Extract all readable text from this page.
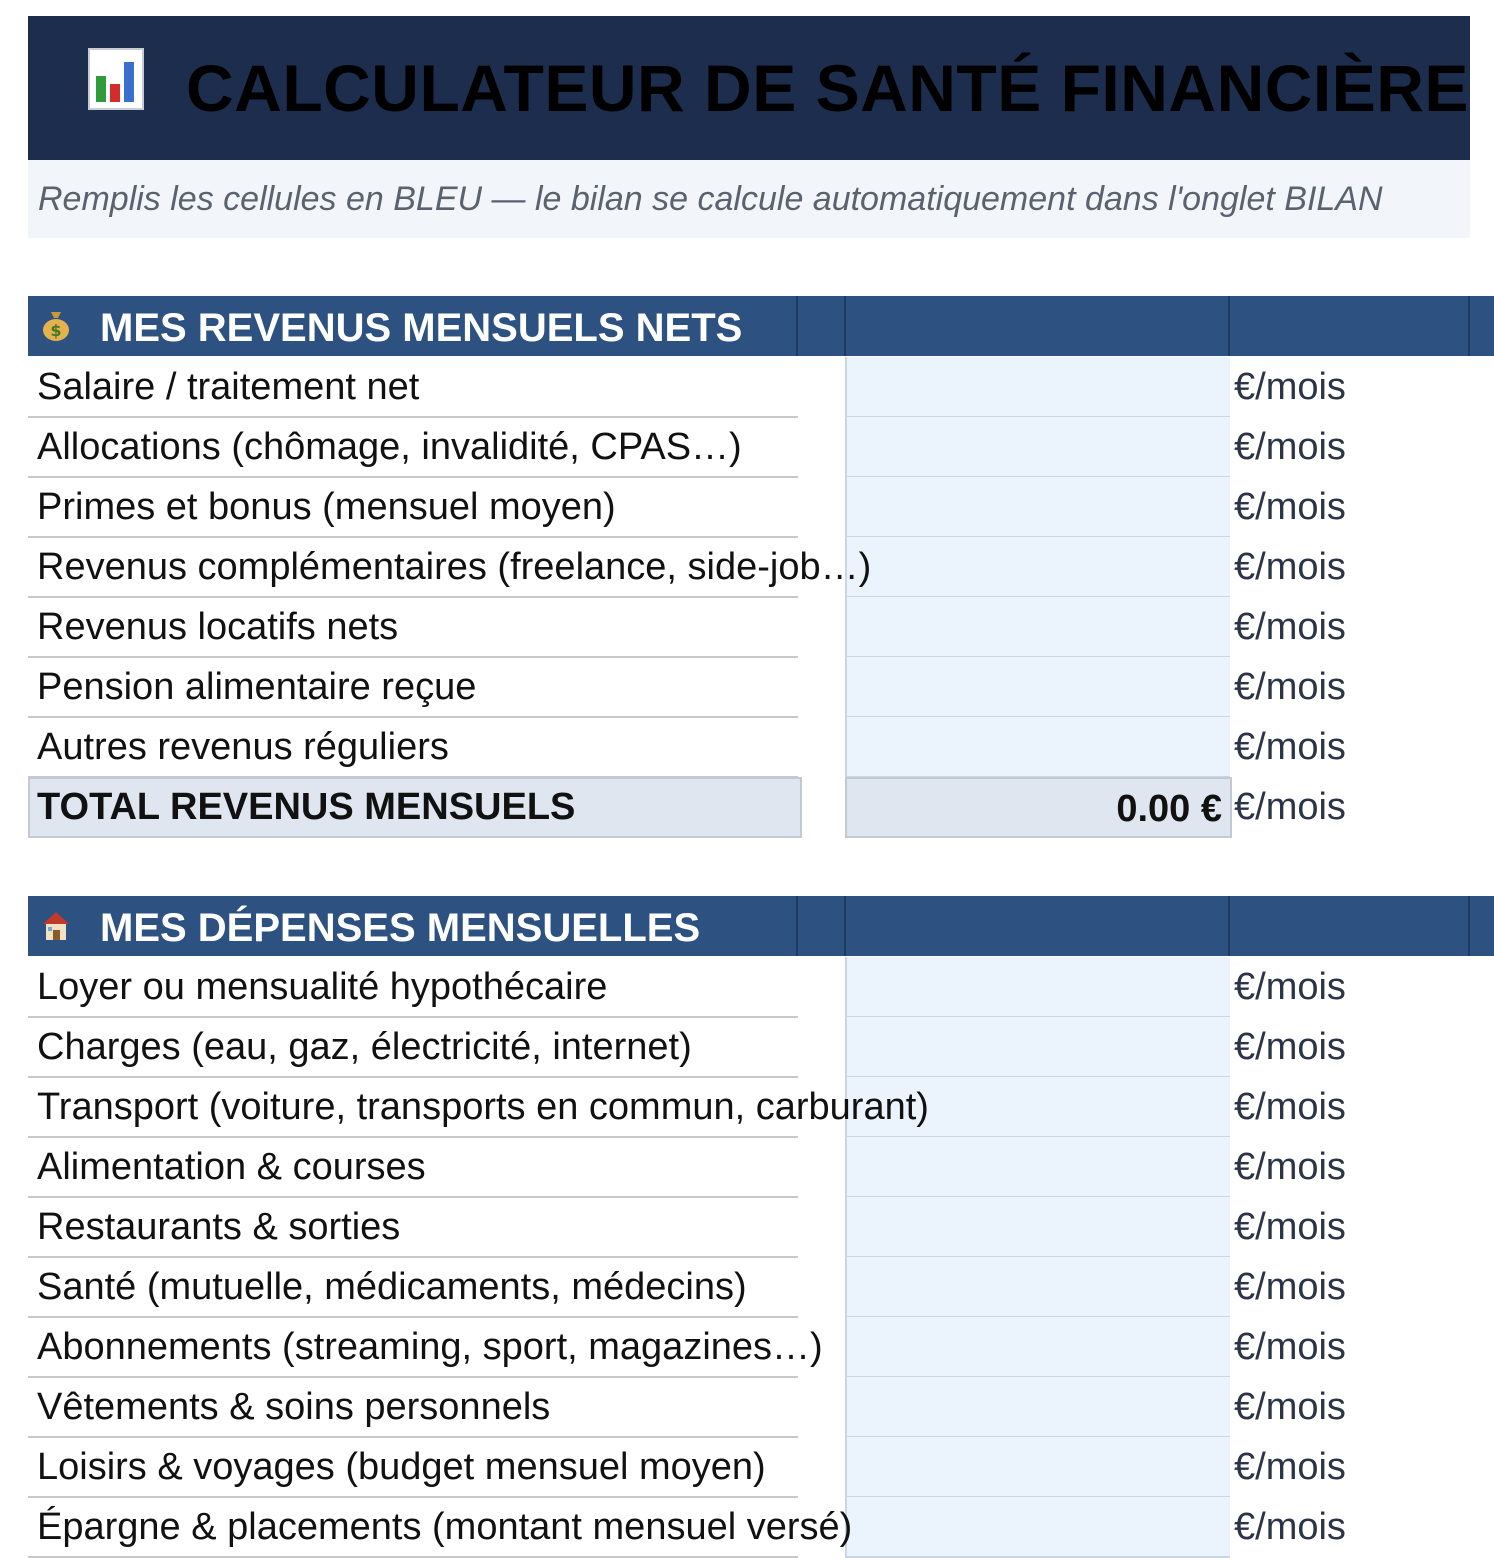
CALCULATEUR DE SANTÉ FINANCIÈRE
Remplis les cellules en BLEU — le bilan se calcule automatiquement dans l'onglet BILAN
$ MES REVENUS MENSUELS NETS
Salaire / traitement net	€/mois
Allocations (chômage, invalidité, CPAS…)	€/mois
Primes et bonus (mensuel moyen)	€/mois
Revenus complémentaires (freelance, side-job…)	€/mois
Revenus locatifs nets	€/mois
Pension alimentaire reçue	€/mois
Autres revenus réguliers	€/mois
TOTAL REVENUS MENSUELS	0.00 € €/mois
MES DÉPENSES MENSUELLES
Loyer ou mensualité hypothécaire	€/mois
Charges (eau, gaz, électricité, internet)	€/mois
Transport (voiture, transports en commun, carburant)	€/mois
Alimentation & courses	€/mois
Restaurants & sorties	€/mois
Santé (mutuelle, médicaments, médecins)	€/mois
Abonnements (streaming, sport, magazines…)	€/mois
Vêtements & soins personnels	€/mois
Loisirs & voyages (budget mensuel moyen)	€/mois
Épargne & placements (montant mensuel versé)	€/mois
